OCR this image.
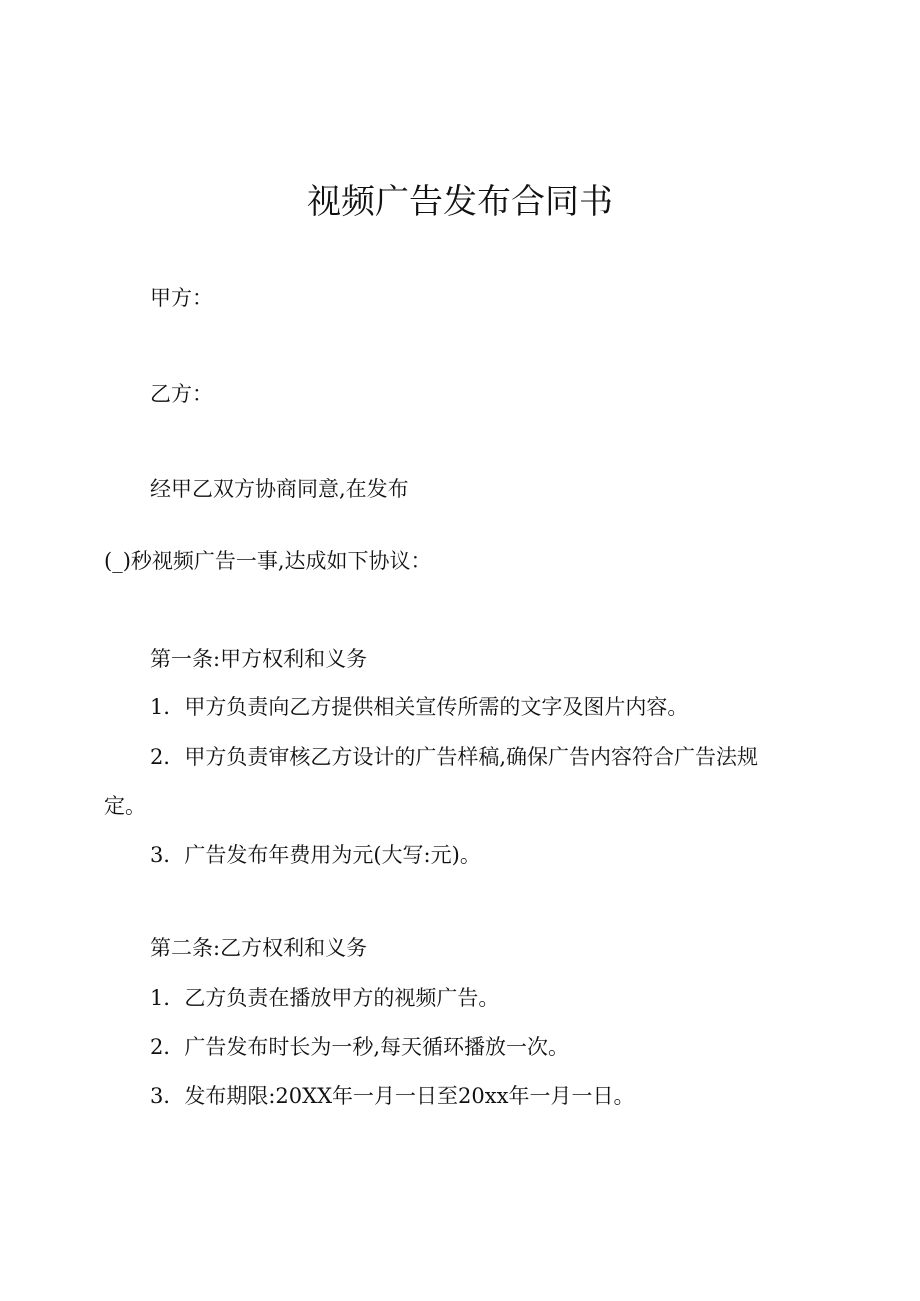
视频广告发布合同书
甲方：
乙方：
经甲乙双方协商同意,在发布
(_)秒视频广告一事,达成如下协议：
第一条:甲方权利和义务
1．甲方负责向乙方提供相关宣传所需的文字及图片内容。
2．甲方负责审核乙方设计的广告样稿,确保广告内容符合广告法规
定。
3．广告发布年费用为元(大写:元)。
第二条:乙方权利和义务
1．乙方负责在播放甲方的视频广告。
2．广告发布时长为一秒,每天循环播放一次。
3．发布期限:20XX年一月一日至20xx年一月一日。
